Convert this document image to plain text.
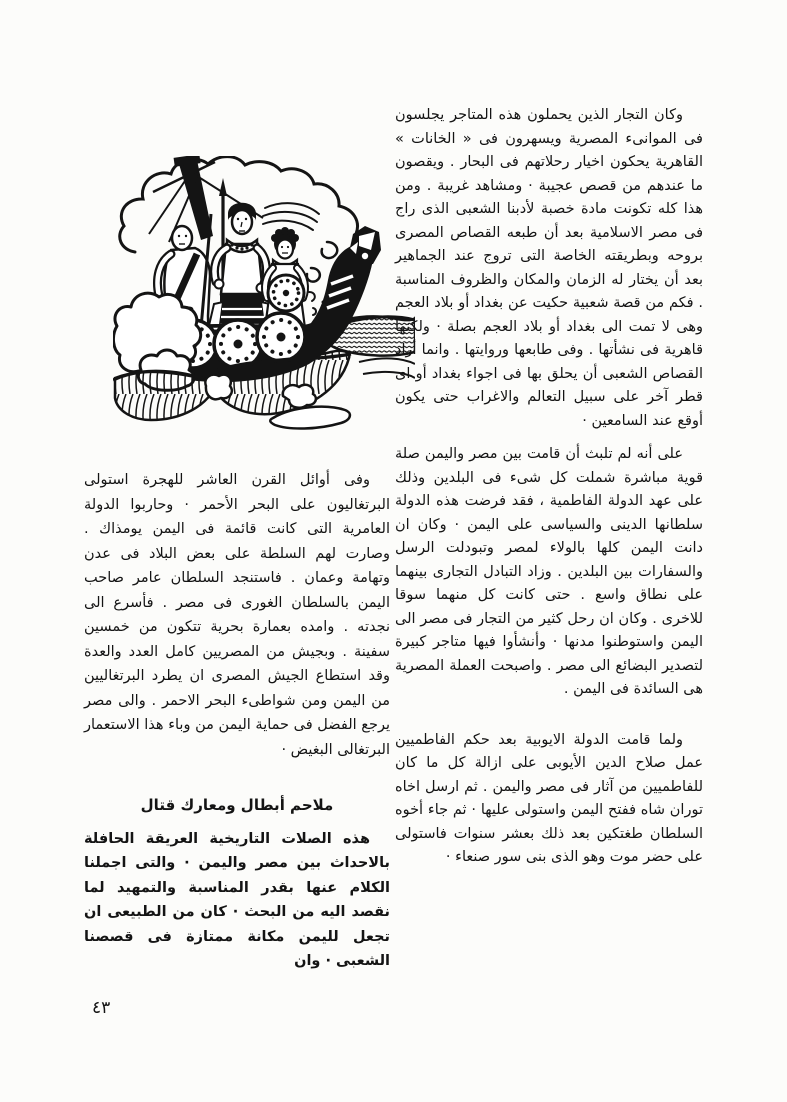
وكان التجار الذين يحملون هذه المتاجر يجلسون فى الموانىء المصرية ويسهرون فى « الخانات » القاهرية يحكون اخيار رحلاتهم فى البحار . ويقصون ما عندهم من قصص عجيبة · ومشاهد غريبة . ومن هذا كله تكونت مادة خصبة لأدبنا الشعبى الذى راج فى مصر الاسلامية بعد أن طبعه القصاص المصرى بروحه وبطريقته الخاصة التى تروج عند الجماهير بعد أن يختار له الزمان والمكان والظروف المناسبة . فكم من قصة شعبية حكيت عن بغداد أو بلاد العجم وهى لا تمت الى بغداد أو بلاد العجم بصلة · ولكنها قاهرية فى نشأتها . وفى طابعها وروايتها . وانما أراد القصاص الشعبى أن يحلق بها فى اجواء بغداد أو اى قطر آخر على سبيل التعالم والاغراب حتى يكون أوقع عند السامعين ·

على أنه لم تلبث أن قامت بين مصر واليمن صلة قوية مباشرة شملت كل شىء فى البلدين وذلك على عهد الدولة الفاطمية ، فقد فرضت هذه الدولة سلطانها الدينى والسياسى على اليمن · وكان ان دانت اليمن كلها بالولاء لمصر وتبودلت الرسل والسفارات بين البلدين . وزاد التبادل التجارى بينهما على نطاق واسع . حتى كانت كل منهما سوقا للاخرى . وكان ان رحل كثير من التجار فى مصر الى اليمن واستوطنوا مدنها · وأنشأوا فيها متاجر كبيرة لتصدير البضائع الى مصر . واصبحت العملة المصرية هى السائدة فى اليمن .

ولما قامت الدولة الايوبية بعد حكم الفاطميين عمل صلاح الدين الأيوبى على ازالة كل ما كان للفاطميين من آثار فى مصر واليمن . ثم ارسل اخاه توران شاه ففتح اليمن واستولى عليها · ثم جاء أخوه السلطان طغتكين بعد ذلك بعشر سنوات فاستولى على حضر موت وهو الذى بنى سور صنعاء ·

وفى أوائل القرن العاشر للهجرة استولى البرتغاليون على البحر الأحمر · وحاربوا الدولة العامرية التى كانت قائمة فى اليمن يومذاك . وصارت لهم السلطة على بعض البلاد فى عدن وتهامة وعمان . فاستنجد السلطان عامر صاحب اليمن بالسلطان الغورى فى مصر . فأسرع الى نجدته . وامده بعمارة بحرية تتكون من خمسين سفينة . وبجيش من المصريين كامل العدد والعدة وقد استطاع الجيش المصرى ان يطرد البرتغاليين من اليمن ومن شواطىء البحر الاحمر . والى مصر يرجع الفضل فى حماية اليمن من وباء هذا الاستعمار البرتغالى البغيض ·

ملاحم أبطال ومعارك قتال

هذه الصلات التاريخية العريقة الحافلة بالاحداث بين مصر واليمن · والتى اجملنا الكلام عنها بقدر المناسبة والتمهيد لما نقصد اليه من البحث · كان من الطبيعى ان تجعل لليمن مكانة ممتازة فى قصصنا الشعبى · وان

٤٣
